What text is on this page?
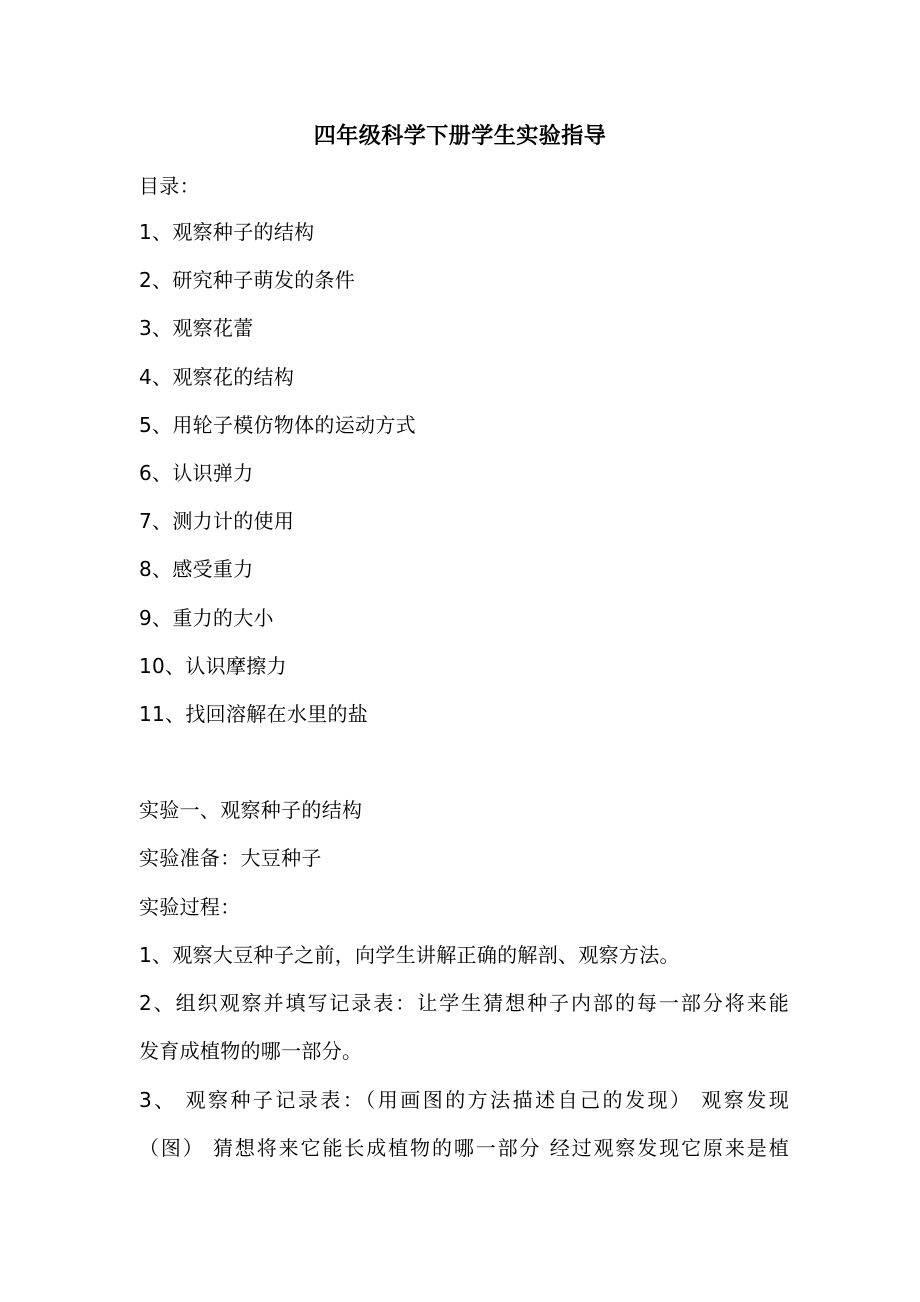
四年级科学下册学生实验指导
目录：
1、观察种子的结构
2、研究种子萌发的条件
3、观察花蕾
4、观察花的结构
5、用轮子模仿物体的运动方式
6、认识弹力
7、测力计的使用
8、感受重力
9、重力的大小
10、认识摩擦力
11、找回溶解在水里的盐
实验一、观察种子的结构
实验准备：大豆种子
实验过程：
1、观察大豆种子之前，向学生讲解正确的解剖、观察方法。
2、组织观察并填写记录表：让学生猜想种子内部的每一部分将来能
发育成植物的哪一部分。
3、 观察种子记录表：（用画图的方法描述自己的发现） 观察发现
（图） 猜想将来它能长成植物的哪一部分 经过观察发现它原来是植
